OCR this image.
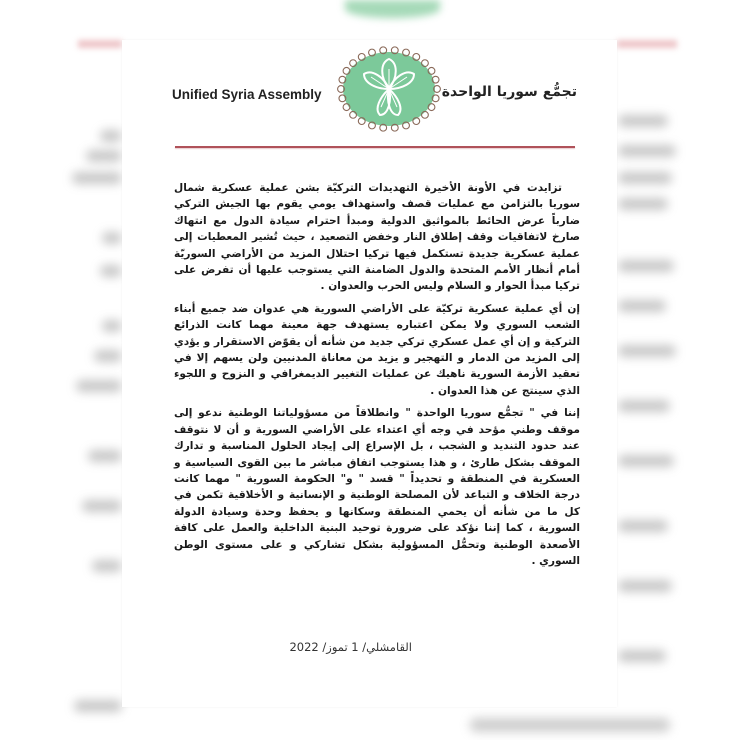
Unified Syria Assembly	تجمُّع سوريا الواحدة

تزايدت في الأونة الأخيرة التهديدات التركيّة بشن عملية عسكرية شمال سوريا بالتزامن مع عمليات قصف واستهداف يومي يقوم بها الجيش التركي ضارباً عرض الحائط بالمواثيق الدولية ومبدأ احترام سيادة الدول مع انتهاك صارخ لاتفاقيات وقف إطلاق النار وخفض التصعيد ، حيث تُشير المعطيات إلى عملية عسكرية جديدة تستكمل فيها تركيا احتلال المزيد من الأراضي السوريّة أمام أنظار الأمم المتحدة والدول الضامنة التي يستوجب عليها أن تفرض على تركيا مبدأ الحوار و السلام وليس الحرب والعدوان .

إن أي عملية عسكرية تركيّة على الأراضي السورية هي عدوان ضد جميع أبناء الشعب السوري ولا يمكن اعتباره يستهدف جهة معينة مهما كانت الذرائع التركية و إن أي عمل عسكري تركي جديد من شأنه أن يقوّض الاستقرار و يؤدي إلى المزيد من الدمار و التهجير و يزيد من معاناة المدنيين ولن يسهم إلا في تعقيد الأزمة السورية ناهيك عن عمليات التغيير الديمغرافي و النزوح و اللجوء الذي سينتج عن هذا العدوان .

إننا في " تجمُّع سوريا الواحدة " وانطلاقاً من مسؤولياتنا الوطنية ندعو إلى موقف وطني مؤحد في وجه أي اعتداء على الأراضي السورية و أن لا نتوقف عند حدود التنديد و الشجب ، بل الإسراع إلى إيجاد الحلول المناسبة و تدارك الموقف بشكل طارئ ، و هذا يستوجب اتفاق مباشر ما بين القوى السياسية و العسكرية في المنطقة و تحديداً " قسد " و" الحكومة السورية " مهما كانت درجة الخلاف و التباعد لأن المصلحة الوطنية و الإنسانية و الأخلاقية تكمن في كل ما من شأنه أن يحمي المنطقة وسكانها و يحفظ وحدة وسيادة الدولة السورية ، كما إننا نؤكد على ضرورة توحيد البنية الداخلية والعمل على كافة الأصعدة الوطنية وتحمُّل المسؤولية بشكل تشاركي و على مستوى الوطن السوري .

القامشلي/ 1 تموز/ 2022
